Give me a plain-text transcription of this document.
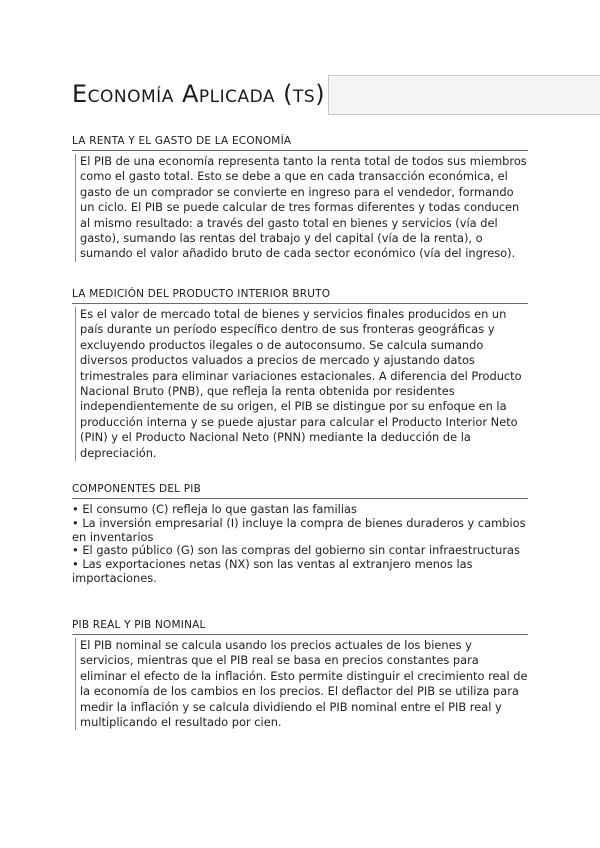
Economía Aplicada (ts)
LA RENTA Y EL GASTO DE LA ECONOMÍA

El PIB de una economía representa tanto la renta total de todos sus miembros como el gasto total. Esto se debe a que en cada transacción económica, el gasto de un comprador se convierte en ingreso para el vendedor, formando un ciclo. El PIB se puede calcular de tres formas diferentes y todas conducen al mismo resultado: a través del gasto total en bienes y servicios (vía del gasto), sumando las rentas del trabajo y del capital (vía de la renta), o sumando el valor añadido bruto de cada sector económico (vía del ingreso).

LA MEDICIÓN DEL PRODUCTO INTERIOR BRUTO

Es el valor de mercado total de bienes y servicios finales producidos en un país durante un período específico dentro de sus fronteras geográficas y excluyendo productos ilegales o de autoconsumo. Se calcula sumando diversos productos valuados a precios de mercado y ajustando datos trimestrales para eliminar variaciones estacionales. A diferencia del Producto Nacional Bruto (PNB), que refleja la renta obtenida por residentes independientemente de su origen, el PIB se distingue por su enfoque en la producción interna y se puede ajustar para calcular el Producto Interior Neto (PIN) y el Producto Nacional Neto (PNN) mediante la deducción de la depreciación.

COMPONENTES DEL PIB
• El consumo (C) refleja lo que gastan las familias
• La inversión empresarial (I) incluye la compra de bienes duraderos y cambios en inventarios
• El gasto público (G) son las compras del gobierno sin contar infraestructuras
• Las exportaciones netas (NX) son las ventas al extranjero menos las importaciones.
PIB REAL Y PIB NOMINAL

El PIB nominal se calcula usando los precios actuales de los bienes y servicios, mientras que el PIB real se basa en precios constantes para eliminar el efecto de la inflación. Esto permite distinguir el crecimiento real de la economía de los cambios en los precios. El deflactor del PIB se utiliza para medir la inflación y se calcula dividiendo el PIB nominal entre el PIB real y multiplicando el resultado por cien.
